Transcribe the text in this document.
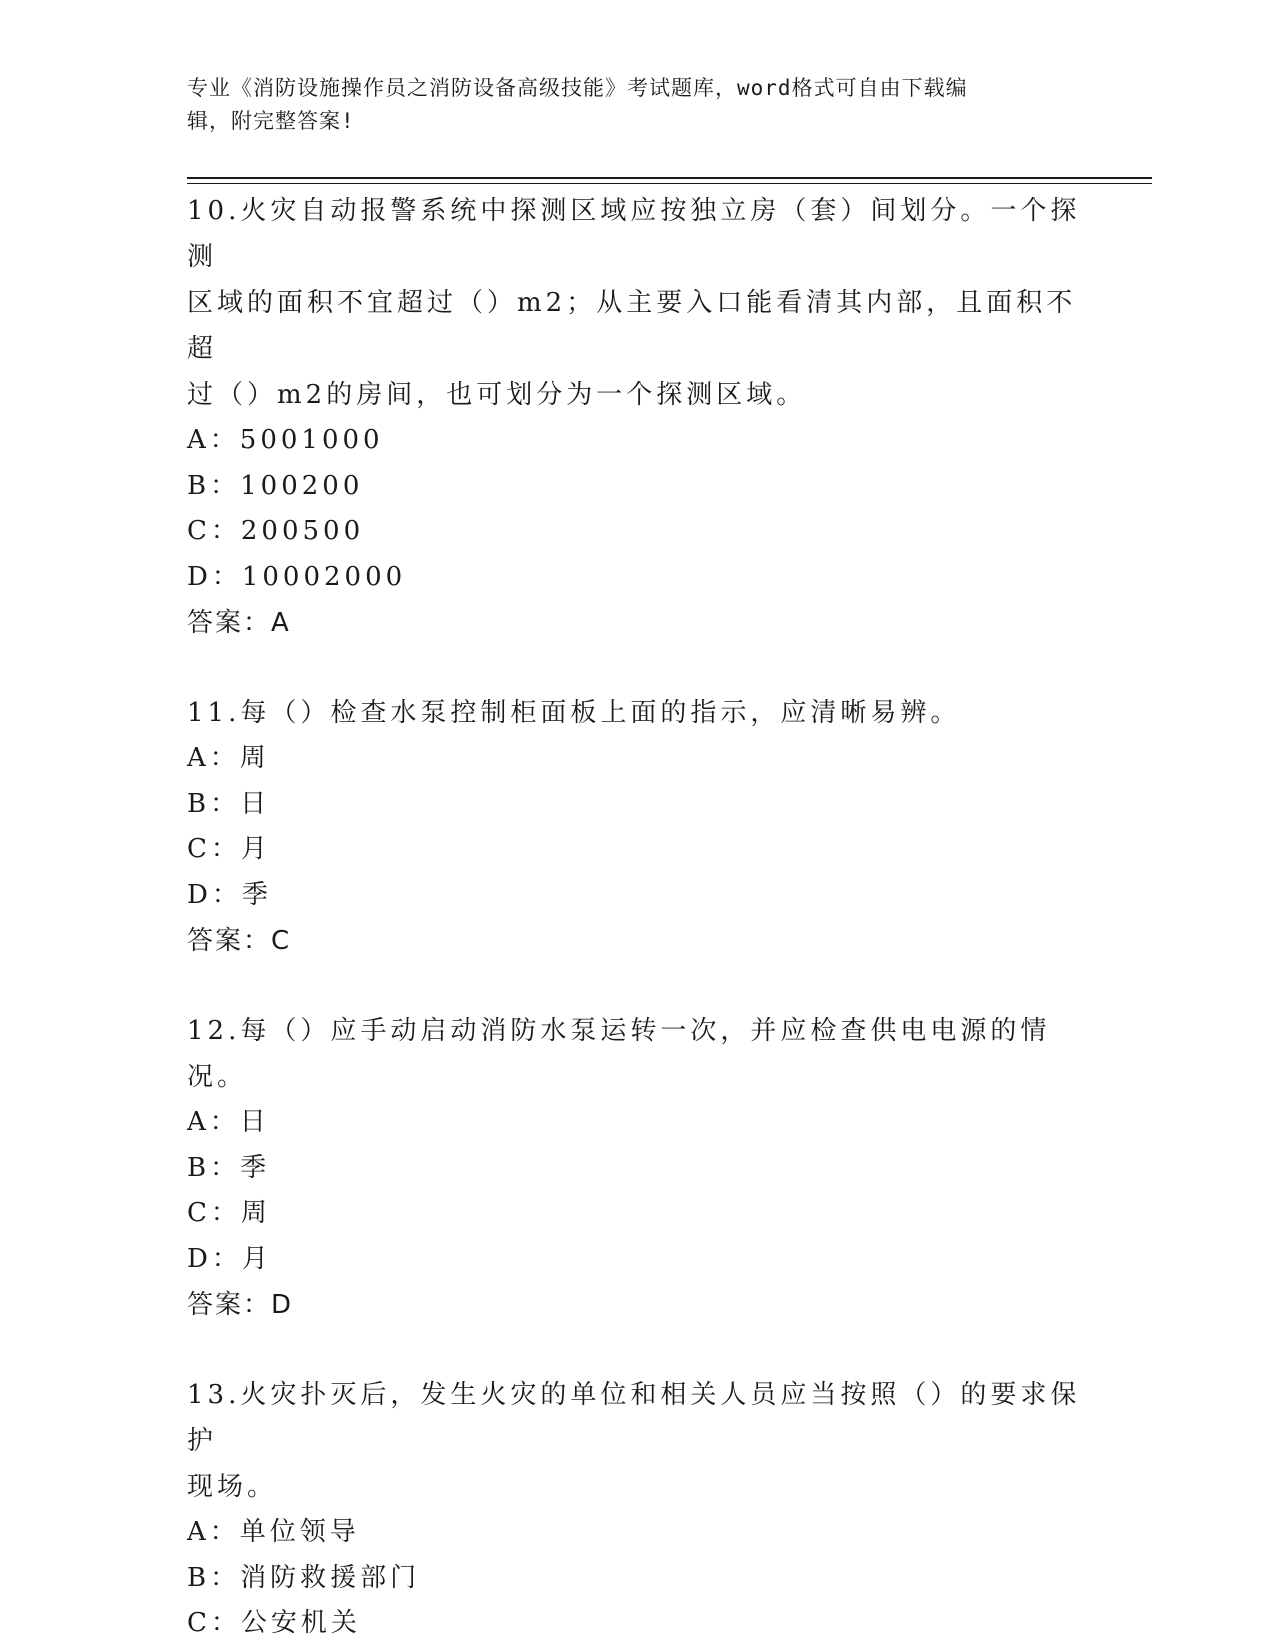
专业《消防设施操作员之消防设备高级技能》考试题库，word格式可自由下载编
辑，附完整答案!
10.火灾自动报警系统中探测区域应按独立房（套）间划分。一个探测
区域的面积不宜超过（）m2；从主要入口能看清其内部，且面积不超
过（）m2的房间，也可划分为一个探测区域。
A：5001000
B：100200
C：200500
D：10002000
答案：A
11.每（）检查水泵控制柜面板上面的指示，应清晰易辨。
A：周
B：日
C：月
D：季
答案：C
12.每（）应手动启动消防水泵运转一次，并应检查供电电源的情况。
A：日
B：季
C：周
D：月
答案：D
13.火灾扑灭后，发生火灾的单位和相关人员应当按照（）的要求保护
现场。
A：单位领导
B：消防救援部门
C：公安机关
